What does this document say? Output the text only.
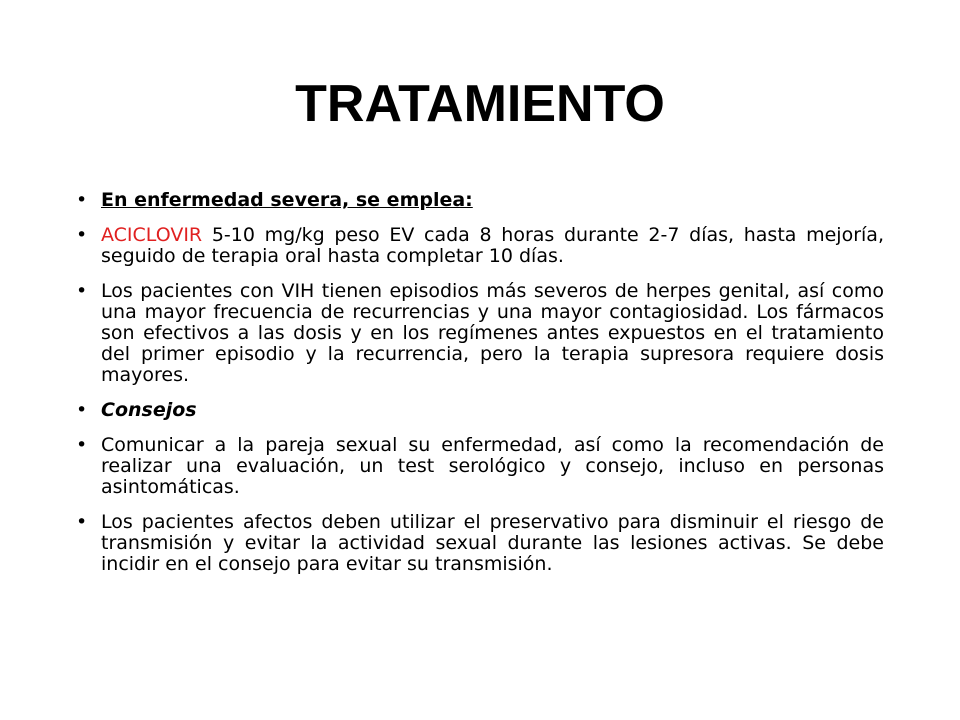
TRATAMIENTO
• En enfermedad severa, se emplea:
• ACICLOVIR 5-10 mg/kg peso EV cada 8 horas durante 2-7 días, hasta mejoría, seguido de terapia oral hasta completar 10 días.
• Los pacientes con VIH tienen episodios más severos de herpes genital, así como una mayor frecuencia de recurrencias y una mayor contagiosidad. Los fármacos son efectivos a las dosis y en los regímenes antes expuestos en el tratamiento del primer episodio y la recurrencia, pero la terapia supresora requiere dosis mayores.
• Consejos
• Comunicar a la pareja sexual su enfermedad, así como la recomendación de realizar una evaluación, un test serológico y consejo, incluso en personas asintomáticas.
• Los pacientes afectos deben utilizar el preservativo para disminuir el riesgo de transmisión y evitar la actividad sexual durante las lesiones activas. Se debe incidir en el consejo para evitar su transmisión.
